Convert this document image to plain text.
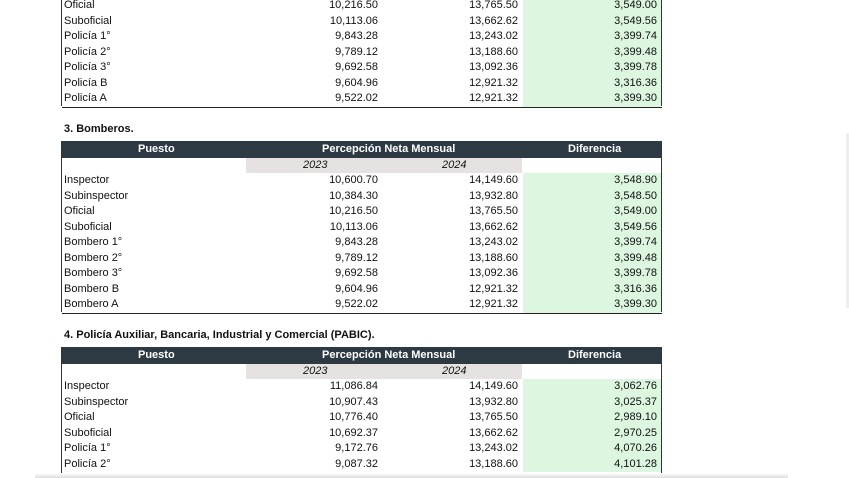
Oficial	10,216.50	13,765.50	3,549.00
Suboficial	10,113.06	13,662.62	3,549.56
Policía 1°	9,843.28	13,243.02	3,399.74
Policía 2°	9,789.12	13,188.60	3,399.48
Policía 3°	9,692.58	13,092.36	3,399.78
Policía B	9,604.96	12,921.32	3,316.36
Policía A	9,522.02	12,921.32	3,399.30
3. Bomberos.
Puesto	Percepción Neta Mensual	Diferencia
2023	2024
Inspector	10,600.70	14,149.60	3,548.90
Subinspector	10,384.30	13,932.80	3,548.50
Oficial	10,216.50	13,765.50	3,549.00
Suboficial	10,113.06	13,662.62	3,549.56
Bombero 1°	9,843.28	13,243.02	3,399.74
Bombero 2°	9,789.12	13,188.60	3,399.48
Bombero 3°	9,692.58	13,092.36	3,399.78
Bombero B	9,604.96	12,921.32	3,316.36
Bombero A	9,522.02	12,921.32	3,399.30
4. Policía Auxiliar, Bancaria, Industrial y Comercial (PABIC).
Puesto	Percepción Neta Mensual	Diferencia
2023	2024
Inspector	11,086.84	14,149.60	3,062.76
Subinspector	10,907.43	13,932.80	3,025.37
Oficial	10,776.40	13,765.50	2,989.10
Suboficial	10,692.37	13,662.62	2,970.25
Policía 1°	9,172.76	13,243.02	4,070.26
Policía 2°	9,087.32	13,188.60	4,101.28
